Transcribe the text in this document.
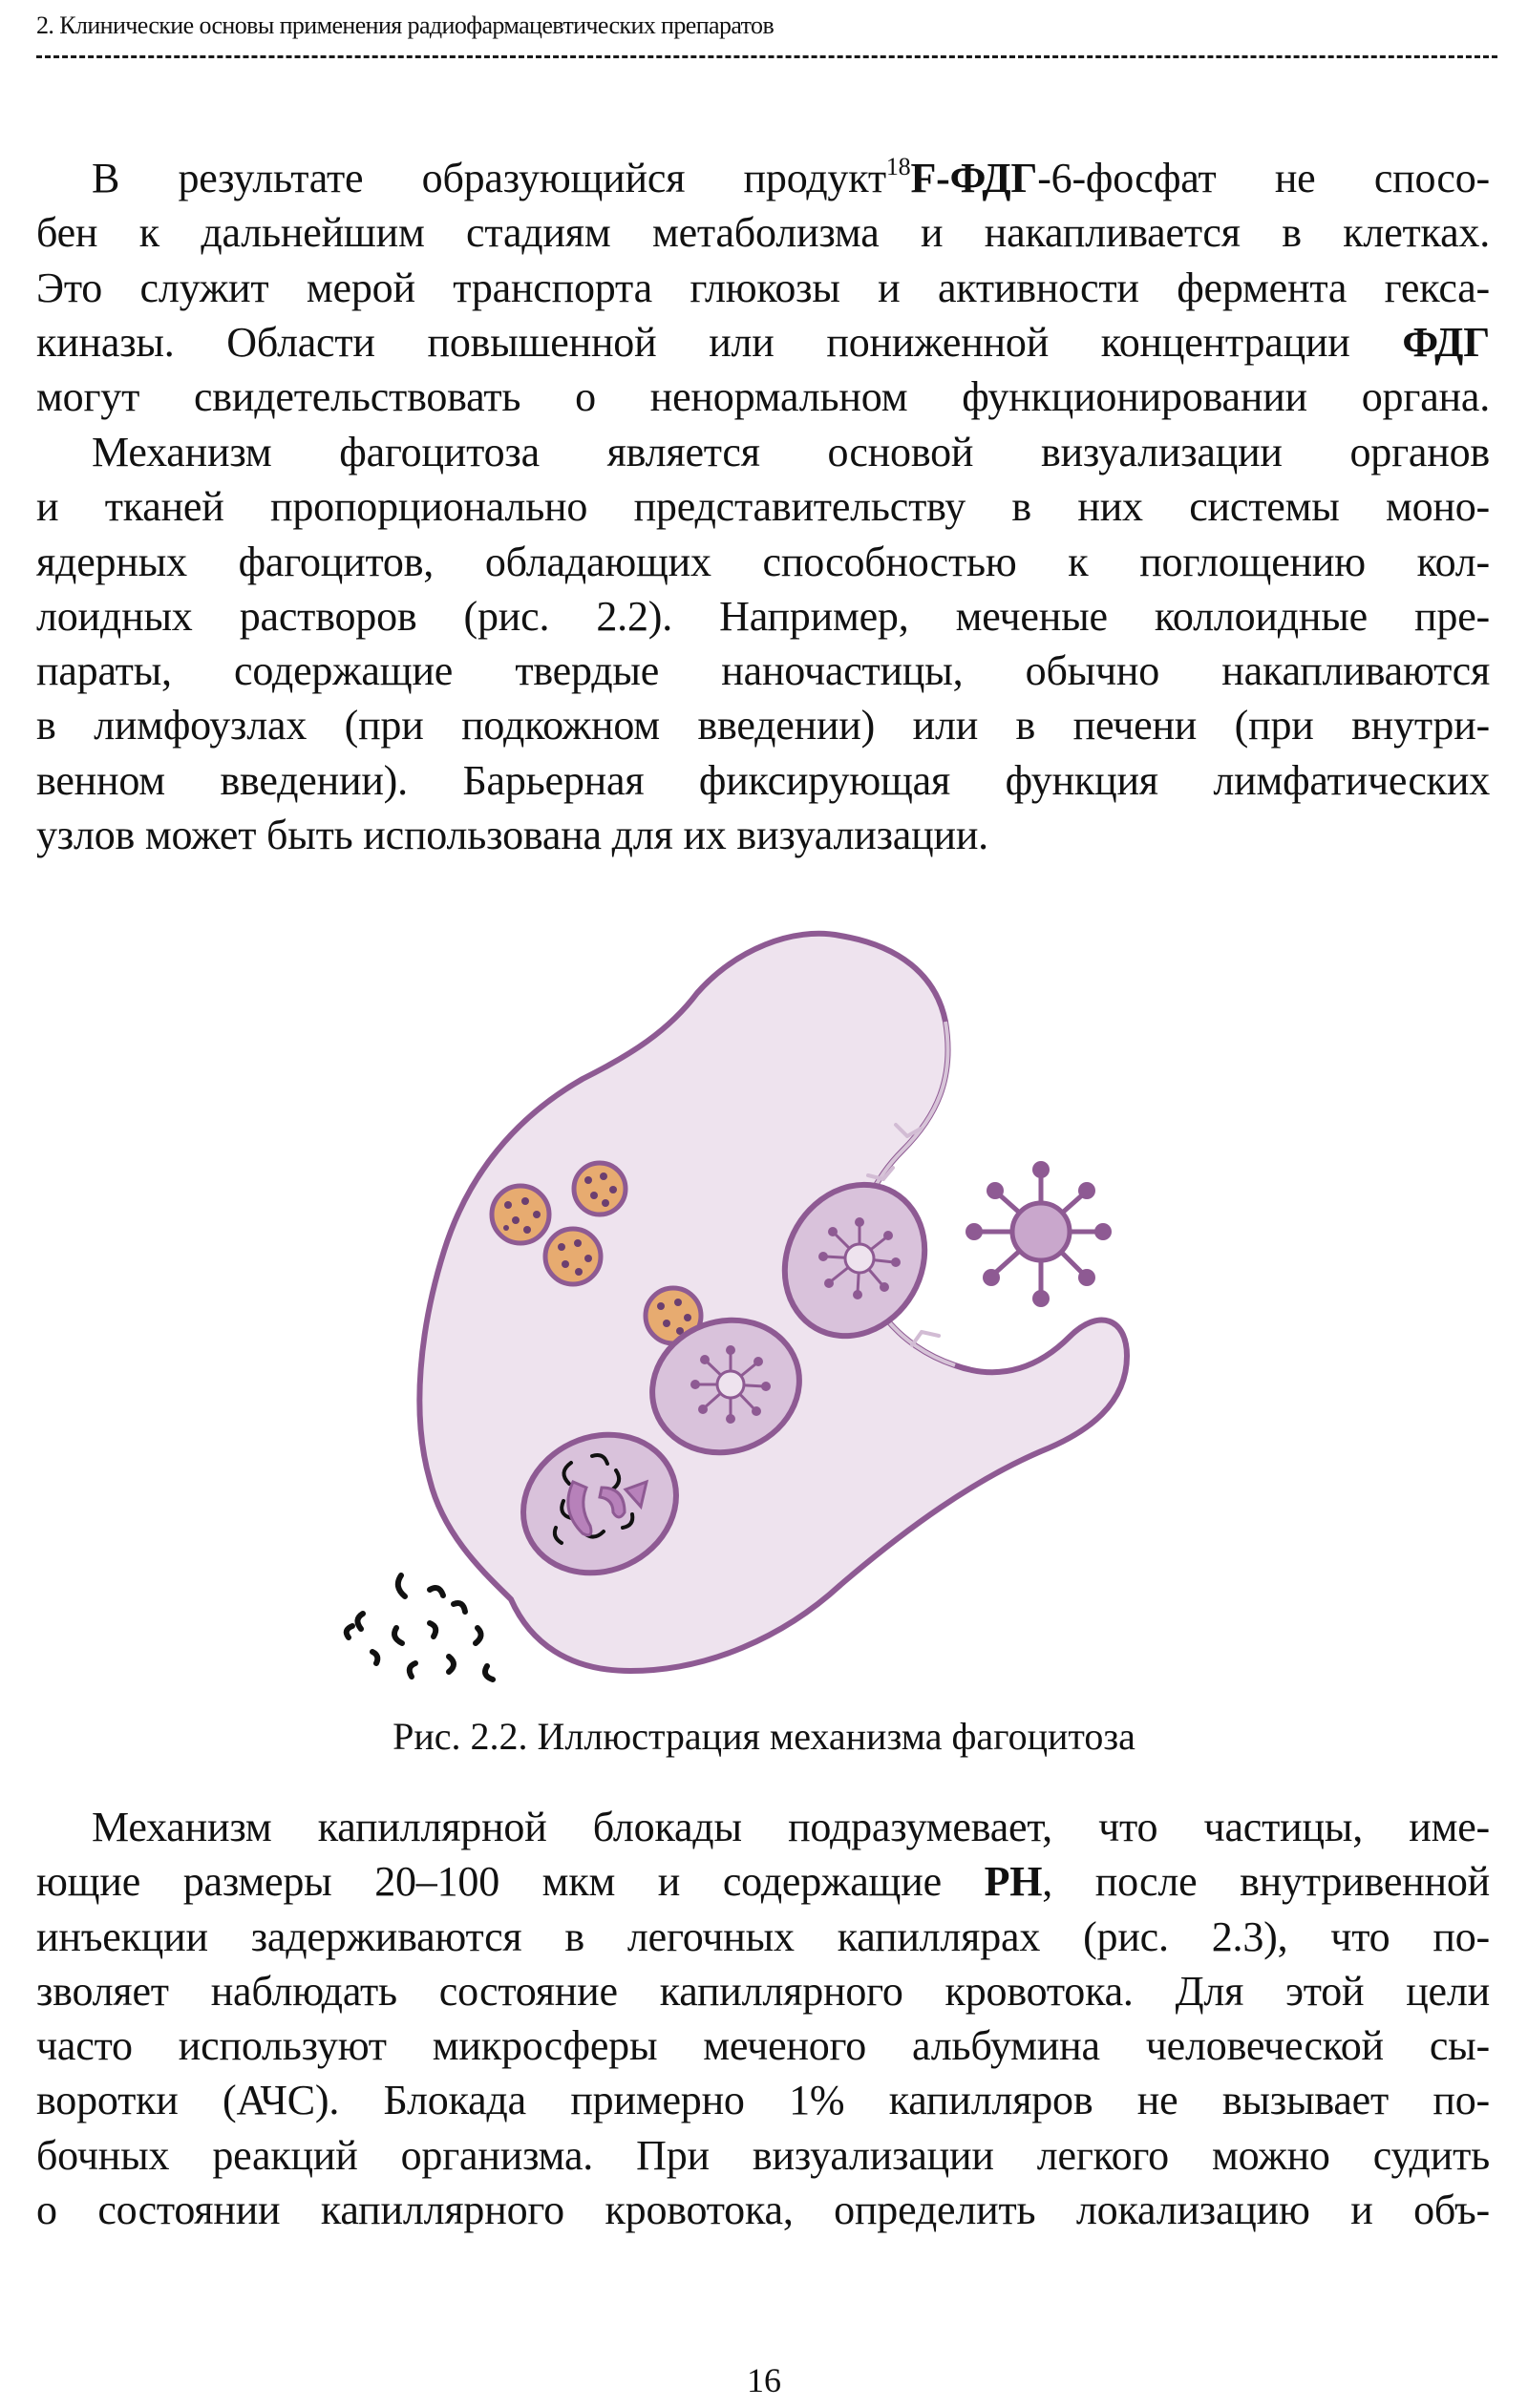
2. Клинические основы применения радиофармацевтических препаратов
В результате образующийся продукт$^{18}$F-ФДГ-6-фосфат не спосо-
бен к дальнейшим стадиям метаболизма и накапливается в клетках.
Это служит мерой транспорта глюкозы и активности фермента гекса-
киназы. Области повышенной или пониженной концентрации ФДГ
могут свидетельствовать о ненормальном функционировании органа.
Механизм фагоцитоза является основой визуализации органов
и тканей пропорционально представительству в них системы моно-
ядерных фагоцитов, обладающих способностью к поглощению кол-
лоидных растворов (рис. 2.2). Например, меченые коллоидные пре-
параты, содержащие твердые наночастицы, обычно накапливаются
в лимфоузлах (при подкожном введении) или в печени (при внутри-
венном введении). Барьерная фиксирующая функция лимфатических
узлов может быть использована для их визуализации.
Рис. 2.2. Иллюстрация механизма фагоцитоза
Механизм капиллярной блокады подразумевает, что частицы, име-
ющие размеры 20–100 мкм и содержащие РН, после внутривенной
инъекции задерживаются в легочных капиллярах (рис. 2.3), что по-
зволяет наблюдать состояние капиллярного кровотока. Для этой цели
часто используют микросферы меченого альбумина человеческой сы-
воротки (АЧС). Блокада примерно 1% капилляров не вызывает по-
бочных реакций организма. При визуализации легкого можно судить
о состоянии капиллярного кровотока, определить локализацию и объ-
16
